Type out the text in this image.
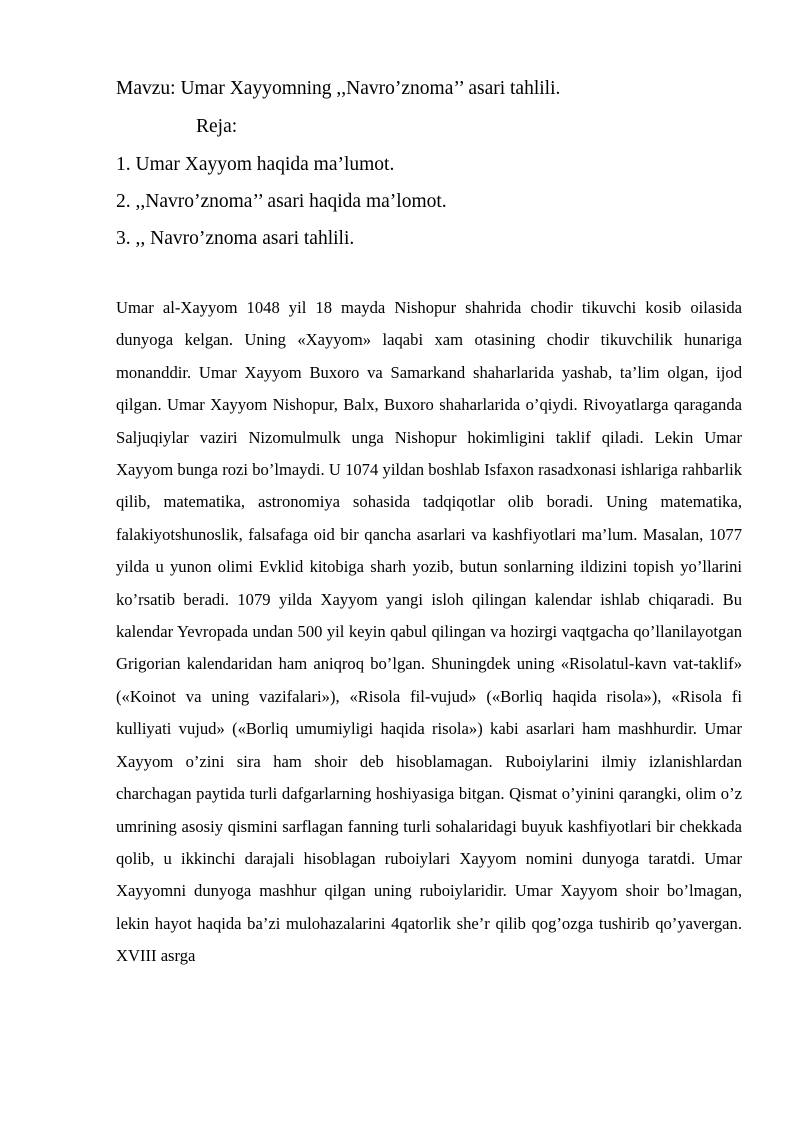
Mavzu: Umar Xayyomning ,,Navro’znoma’’ asari tahlili.
Reja:
1. Umar Xayyom haqida ma’lumot.
2. ,,Navro’znoma’’ asari haqida ma’lomot.
3. ,, Navro’znoma asari tahlili.

Umar al-Xayyom 1048 yil 18 mayda Nishopur shahrida chodir tikuvchi kosib oilasida dunyoga kelgan. Uning «Xayyom» laqabi xam otasining chodir tikuvchilik hunariga monanddir. Umar Xayyom Buxoro va Samarkand shaharlarida yashab, ta’lim olgan, ijod qilgan. Umar Xayyom Nishopur, Balx, Buxoro shaharlarida o’qiydi. Rivoyatlarga qaraganda Saljuqiylar vaziri Nizomulmulk unga Nishopur hokimligini taklif qiladi. Lekin Umar Xayyom bunga rozi bo’lmaydi. U 1074 yildan boshlab Isfaxon rasadxonasi ishlariga rahbarlik qilib, matematika, astronomiya sohasida tadqiqotlar olib boradi. Uning matematika, falakiyotshunoslik, falsafaga oid bir qancha asarlari va kashfiyotlari ma’lum. Masalan, 1077 yilda u yunon olimi Evklid kitobiga sharh yozib, butun sonlarning ildizini topish yo’llarini ko’rsatib beradi. 1079 yilda Xayyom yangi isloh qilingan kalendar ishlab chiqaradi. Bu kalendar Yevropada undan 500 yil keyin qabul qilingan va hozirgi vaqtgacha qo’llanilayotgan Grigorian kalendaridan ham aniqroq bo’lgan. Shuningdek uning «Risolatul-kavn vat-taklif» («Koinot va uning vazifalari»), «Risola fil-vujud» («Borliq haqida risola»), «Risola fi kulliyati vujud» («Borliq umumiyligi haqida risola») kabi asarlari ham mashhurdir. Umar Xayyom o’zini sira ham shoir deb hisoblamagan. Ruboiylarini ilmiy izlanishlardan charchagan paytida turli dafgarlarning hoshiyasiga bitgan. Qismat o’yinini qarangki, olim o’z umrining asosiy qismini sarflagan fanning turli sohalaridagi buyuk kashfiyotlari bir chekkada qolib, u ikkinchi darajali hisoblagan ruboiylari Xayyom nomini dunyoga taratdi. Umar Xayyomni dunyoga mashhur qilgan uning ruboiylaridir. Umar Xayyom shoir bo’lmagan, lekin hayot haqida ba’zi mulohazalarini 4qatorlik she’r qilib qog’ozga tushirib qo’yavergan. XVIII asrga
